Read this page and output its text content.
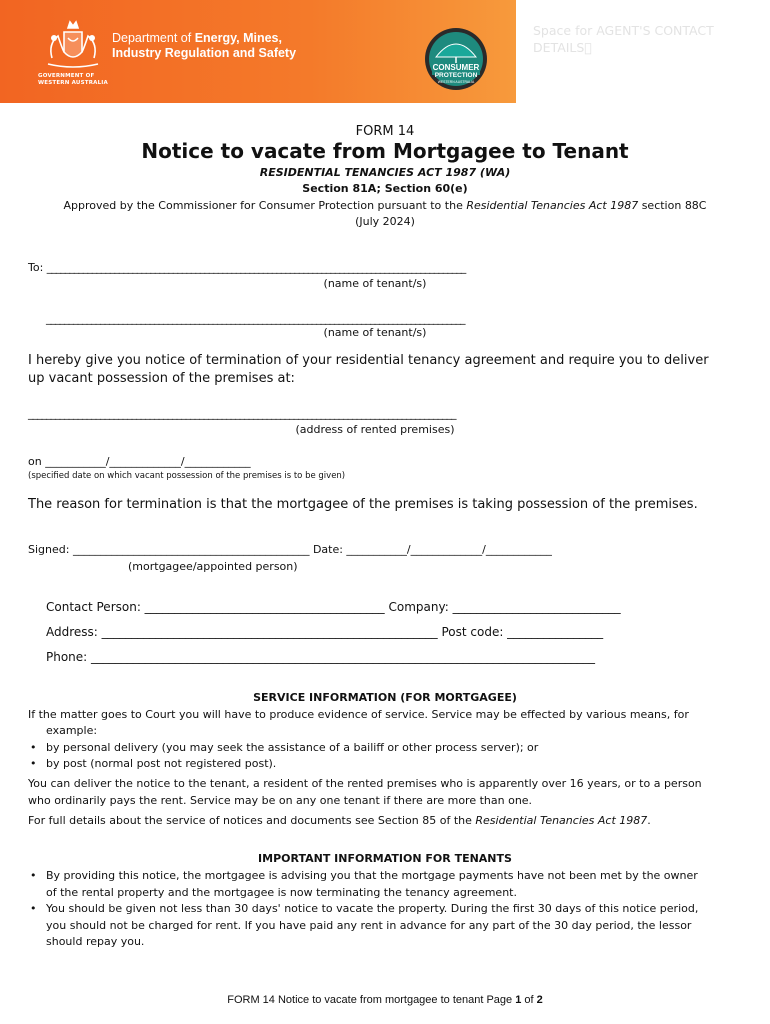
GOVERNMENT OF
WESTERN AUSTRALIA
Department of Energy, Mines,
Industry Regulation and Safety
CONSUMER
PROTECTION
WESTERN AUSTRALIA
Space for AGENT'S CONTACT DETAILS 
FORM 14
Notice to vacate from Mortgagee to Tenant
RESIDENTIAL TENANCIES ACT 1987 (WA)
Section 81A; Section 60(e)
Approved by the Commissioner for Consumer Protection pursuant to the Residential Tenancies Act 1987 section 88C
(July 2024)
To: _____________________________________________________________________________________________
(name of tenant/s)
_____________________________________________________________________________________________
(name of tenant/s)
I hereby give you notice of termination of your residential tenancy agreement and require you to deliver up vacant possession of the premises at:
_______________________________________________________________________________________________
(address of rented premises)
on ___________/_____________/____________
(specified date on which vacant possession of the premises is to be given)
The reason for termination is that the mortgagee of the premises is taking possession of the premises.
Signed: ___________________________________________ Date: ___________/_____________/____________
(mortgagee/appointed person)
Contact Person: ________________________________________ Company: ____________________________
Address: ________________________________________________________ Post code: ________________
Phone: ____________________________________________________________________________________
SERVICE INFORMATION (FOR MORTGAGEE)
If the matter goes to Court you will have to produce evidence of service. Service may be effected by various means, for
example:
• by personal delivery (you may seek the assistance of a bailiff or other process server); or
• by post (normal post not registered post).
You can deliver the notice to the tenant, a resident of the rented premises who is apparently over 16 years, or to a person
who ordinarily pays the rent. Service may be on any one tenant if there are more than one.
For full details about the service of notices and documents see Section 85 of the Residential Tenancies Act 1987.
IMPORTANT INFORMATION FOR TENANTS
• By providing this notice, the mortgagee is advising you that the mortgage payments have not been met by the owner
of the rental property and the mortgagee is now terminating the tenancy agreement.
• You should be given not less than 30 days' notice to vacate the property. During the first 30 days of this notice period,
you should not be charged for rent. If you have paid any rent in advance for any part of the 30 day period, the lessor
should repay you.
FORM 14 Notice to vacate from mortgagee to tenant Page 1 of 2
